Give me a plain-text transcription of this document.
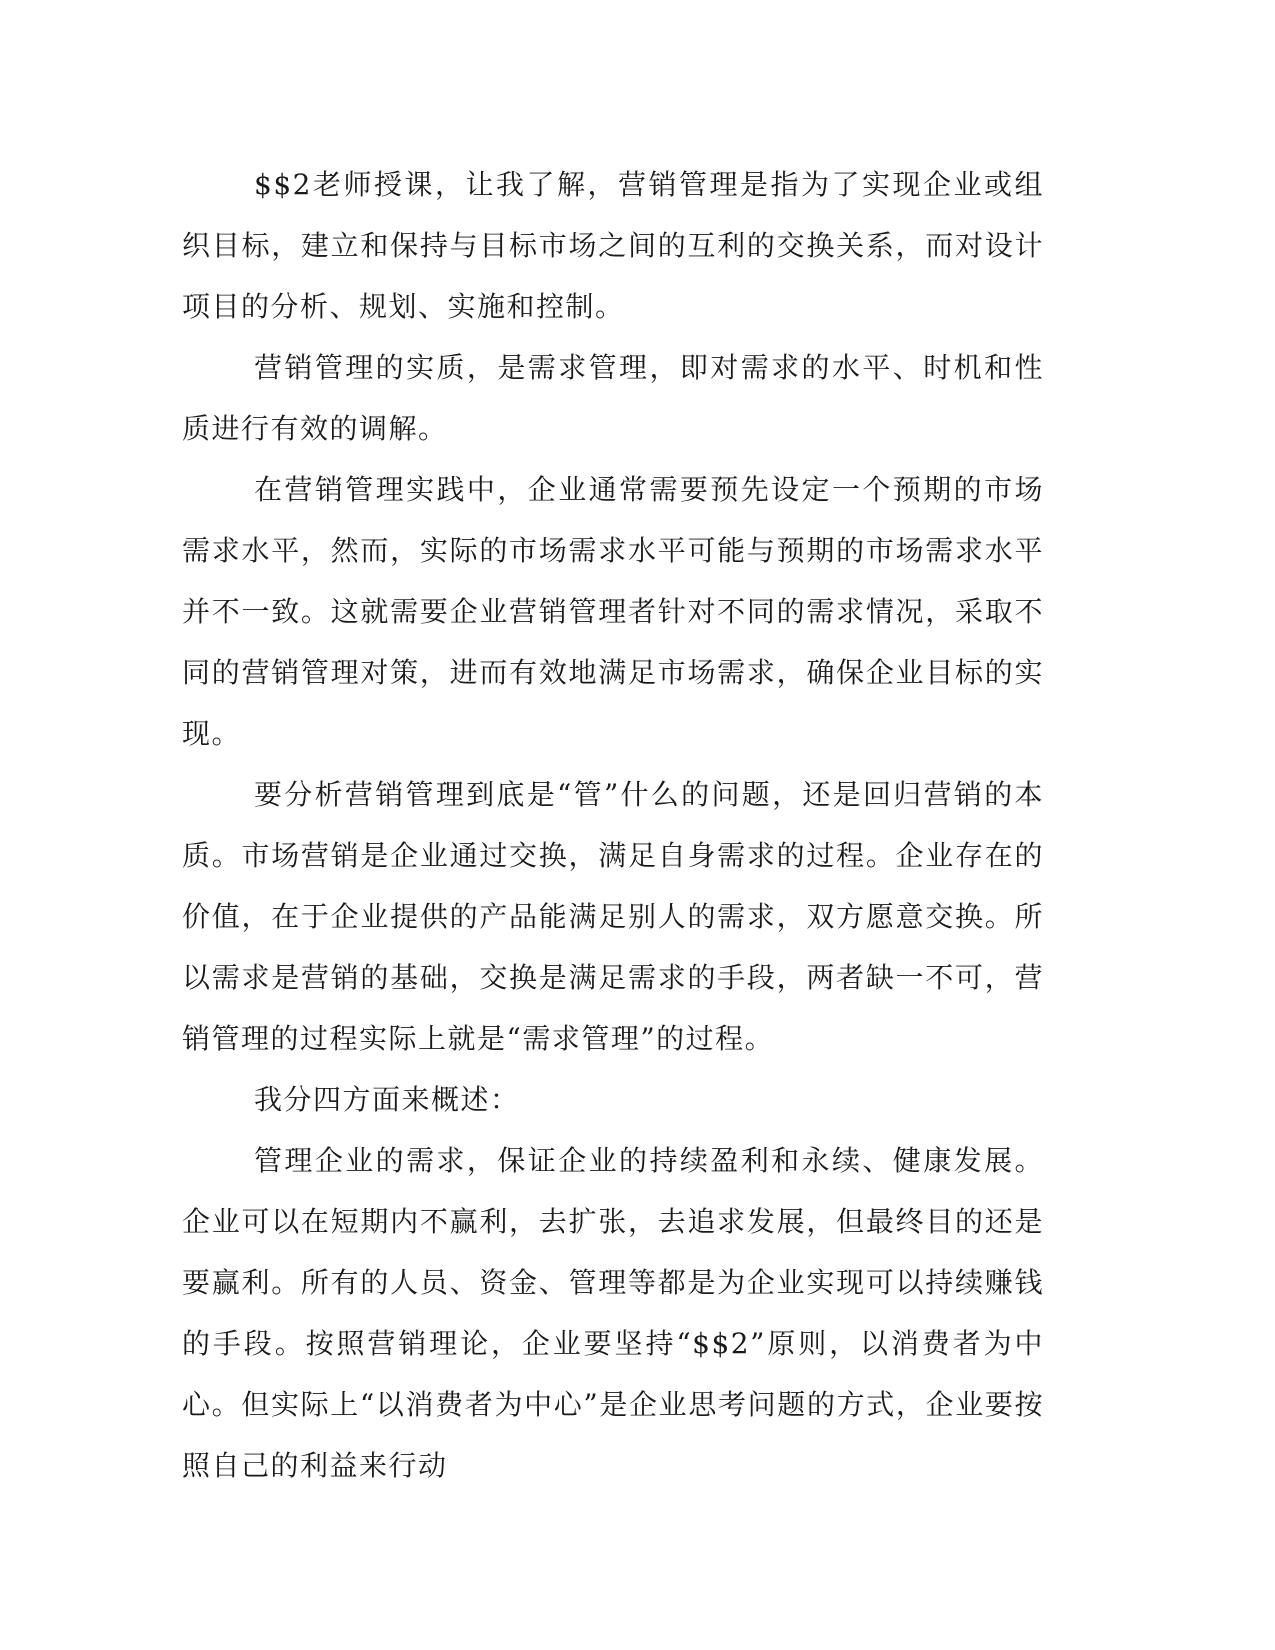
$$2老师授课，让我了解，营销管理是指为了实现企业或组织目标，建立和保持与目标市场之间的互利的交换关系，而对设计项目的分析、规划、实施和控制。

营销管理的实质，是需求管理，即对需求的水平、时机和性质进行有效的调解。

在营销管理实践中，企业通常需要预先设定一个预期的市场需求水平，然而，实际的市场需求水平可能与预期的市场需求水平并不一致。这就需要企业营销管理者针对不同的需求情况，采取不同的营销管理对策，进而有效地满足市场需求，确保企业目标的实现。

要分析营销管理到底是“管”什么的问题，还是回归营销的本质。市场营销是企业通过交换，满足自身需求的过程。企业存在的价值，在于企业提供的产品能满足别人的需求，双方愿意交换。所以需求是营销的基础，交换是满足需求的手段，两者缺一不可，营销管理的过程实际上就是“需求管理”的过程。

我分四方面来概述：

管理企业的需求，保证企业的持续盈利和永续、健康发展。企业可以在短期内不赢利，去扩张，去追求发展，但最终目的还是要赢利。所有的人员、资金、管理等都是为企业实现可以持续赚钱的手段。按照营销理论，企业要坚持“$$2”原则，以消费者为中心。但实际上“以消费者为中心”是企业思考问题的方式，企业要按照自己的利益来行动
